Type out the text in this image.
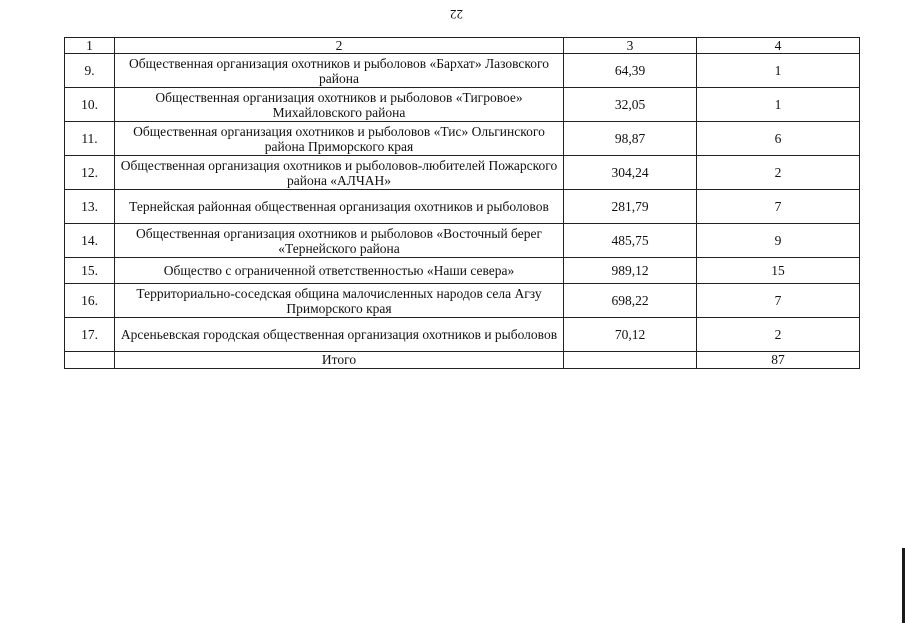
22
1	2	3	4
9.	Общественная организация охотников и рыболовов «Бархат» Лазовского района	64,39	1
10.	Общественная организация охотников и рыболовов «Тигровое» Михайловского района	32,05	1
11.	Общественная организация охотников и рыболовов «Тис» Ольгинского района Приморского края	98,87	6
12.	Общественная организация охотников и рыболовов-любителей Пожарского района «АЛЧАН»	304,24	2
13.	Тернейская районная общественная организация охотников и рыболовов	281,79	7
14.	Общественная организация охотников и рыболовов «Восточный берег «Тернейского района	485,75	9
15.	Общество с ограниченной ответственностью «Наши севера»	989,12	15
16.	Территориально-соседская община малочисленных народов села Агзу Приморского края	698,22	7
17.	Арсеньевская городская общественная организация охотников и рыболовов	70,12	2
	Итого		87
